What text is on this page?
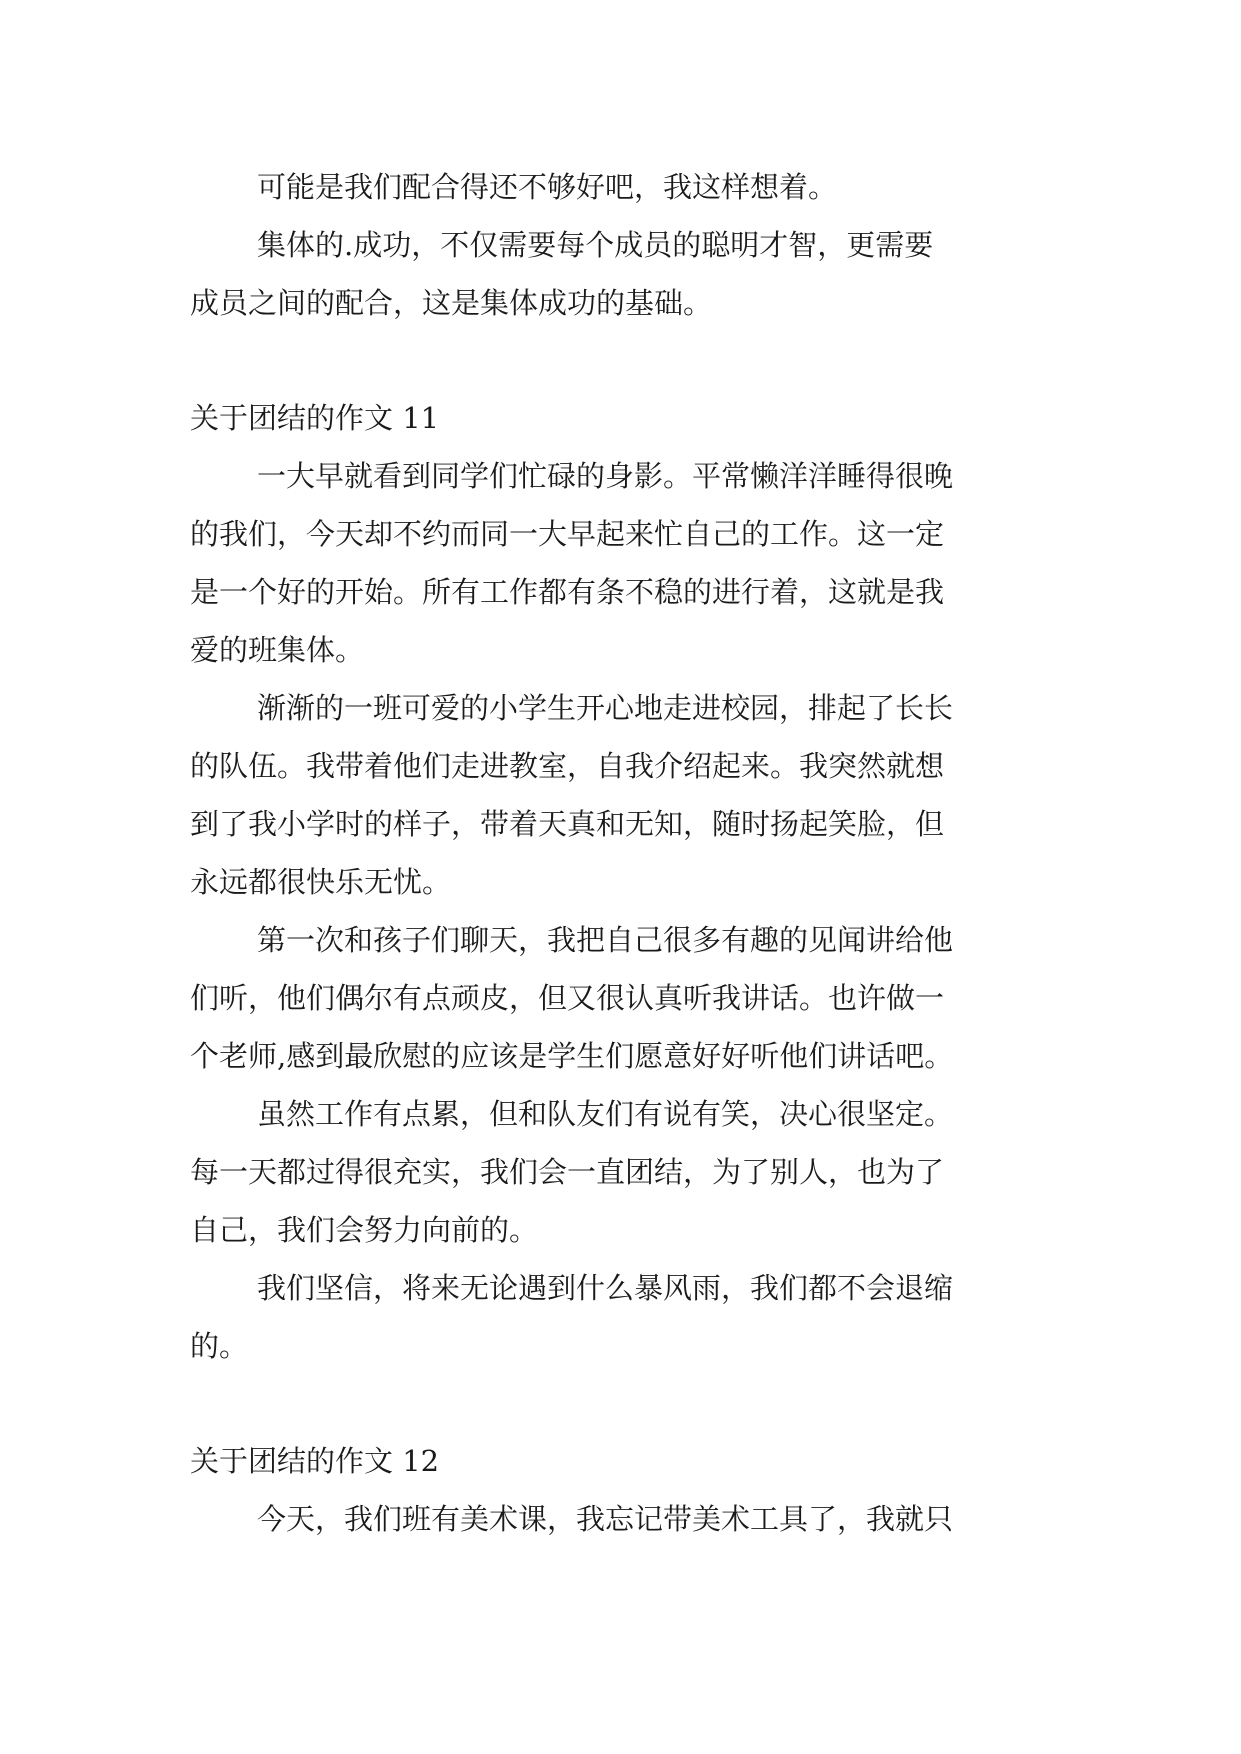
可能是我们配合得还不够好吧，我这样想着。
集体的.成功，不仅需要每个成员的聪明才智，更需要
成员之间的配合，这是集体成功的基础。
关于团结的作文 11
一大早就看到同学们忙碌的身影。平常懒洋洋睡得很晚
的我们，今天却不约而同一大早起来忙自己的工作。这一定
是一个好的开始。所有工作都有条不稳的进行着，这就是我
爱的班集体。
渐渐的一班可爱的小学生开心地走进校园，排起了长长
的队伍。我带着他们走进教室，自我介绍起来。我突然就想
到了我小学时的样子，带着天真和无知，随时扬起笑脸，但
永远都很快乐无忧。
第一次和孩子们聊天，我把自己很多有趣的见闻讲给他
们听，他们偶尔有点顽皮，但又很认真听我讲话。也许做一
个老师,感到最欣慰的应该是学生们愿意好好听他们讲话吧。
虽然工作有点累，但和队友们有说有笑，决心很坚定。
每一天都过得很充实，我们会一直团结，为了别人，也为了
自己，我们会努力向前的。
我们坚信，将来无论遇到什么暴风雨，我们都不会退缩
的。
关于团结的作文 12
今天，我们班有美术课，我忘记带美术工具了，我就只
